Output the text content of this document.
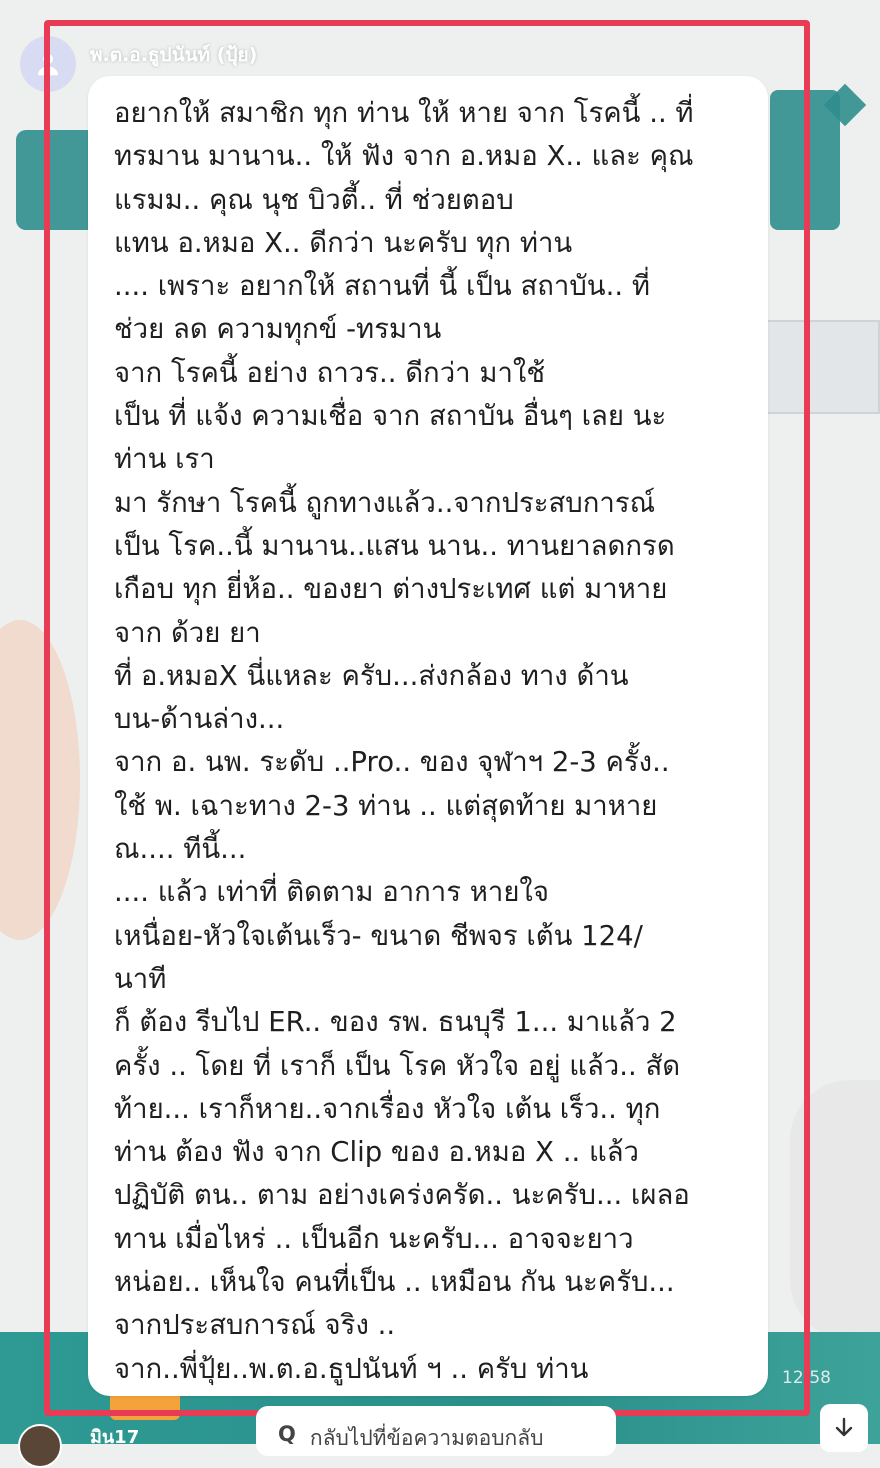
พ.ต.อ.ธูปนันท์ (ปุ้ย)

อยากให้ สมาชิก ทุก ท่าน ให้ หาย จาก โรคนี้ .. ที่
ทรมาน มานาน.. ให้ ฟัง จาก อ.หมอ X.. และ คุณ
แรมม.. คุณ นุช บิวตี้.. ที่ ช่วยตอบ
แทน อ.หมอ X.. ดีกว่า นะครับ ทุก ท่าน
.... เพราะ อยากให้ สถานที่ นี้ เป็น สถาบัน.. ที่
ช่วย ลด ความทุกข์ -ทรมาน
จาก โรคนี้ อย่าง ถาวร.. ดีกว่า มาใช้
เป็น ที่ แจ้ง ความเชื่อ จาก สถาบัน อื่นๆ เลย นะ
ท่าน เรา
มา รักษา โรคนี้ ถูกทางแล้ว..จากประสบการณ์
เป็น โรค..นี้ มานาน..แสน นาน.. ทานยาลดกรด
เกือบ ทุก ยี่ห้อ.. ของยา ต่างประเทศ แต่ มาหาย
จาก ด้วย ยา
ที่ อ.หมอX นี่แหละ ครับ...ส่งกล้อง ทาง ด้าน
บน-ด้านล่าง...
จาก อ. นพ. ระดับ ..Pro.. ของ จุฬาฯ 2-3 ครั้ง..
ใช้ พ. เฉาะทาง 2-3 ท่าน .. แต่สุดท้าย มาหาย
ณ.... ทีนี้...
.... แล้ว เท่าที่ ติดตาม อาการ หายใจ
เหนื่อย-หัวใจเต้นเร็ว- ขนาด ชีพจร เต้น 124/
นาที
ก็ ต้อง รีบไป ER.. ของ รพ. ธนบุรี 1... มาแล้ว 2
ครั้ง .. โดย ที่ เราก็ เป็น โรค หัวใจ อยู่ แล้ว.. สัด
ท้าย... เราก็หาย..จากเรื่อง หัวใจ เต้น เร็ว.. ทุก
ท่าน ต้อง ฟัง จาก Clip ของ อ.หมอ X .. แล้ว
ปฏิบัติ ตน.. ตาม อย่างเคร่งครัด.. นะครับ... เผลอ
ทาน เมื่อไหร่ .. เป็นอีก นะครับ... อาจจะยาว
หน่อย.. เห็นใจ คนที่เป็น .. เหมือน กัน นะครับ...
จากประสบการณ์ จริง ..
จาก..พี่ปุ้ย..พ.ต.อ.ธูปนันท์ ฯ .. ครับ ท่าน	12:58
มิน17	Q กลับไปที่ข้อความตอบกลับ
